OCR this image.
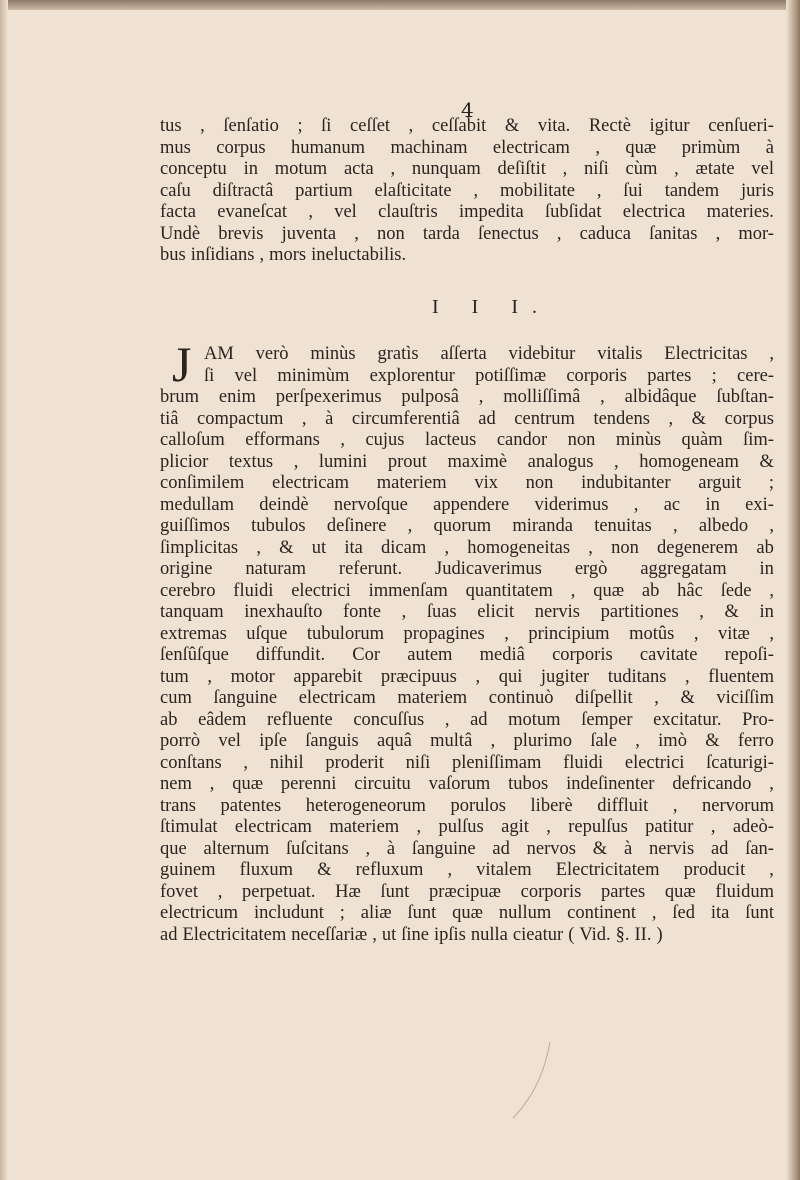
4
tus , ſenſatio ; ſi ceſſet , ceſſabit & vita. Rectè igitur cenſueri-
mus corpus humanum machinam electricam , quæ primùm à
conceptu in motum acta , nunquam deſiſtit , niſi cùm , ætate vel
caſu diſtractâ partium elaſticitate , mobilitate , ſui tandem juris
facta evaneſcat , vel clauſtris impedita ſubſidat electrica materies.
Undè brevis juventa , non tarda ſenectus , caduca ſanitas , mor-
bus inſidians , mors ineluctabilis.
I I I.
J AM verò minùs gratìs aſſerta videbitur vitalis Electricitas ,
ſi vel minimùm explorentur potiſſimæ corporis partes ; cere-
brum enim perſpexerimus pulposâ , molliſſimâ , albidâque ſubſtan-
tiâ compactum , à circumferentiâ ad centrum tendens , & corpus
calloſum efformans , cujus lacteus candor non minùs quàm ſim-
plicior textus , lumini prout maximè analogus , homogeneam &
conſimilem electricam materiem vix non indubitanter arguit ;
medullam deindè nervoſque appendere viderimus , ac in exi-
guiſſimos tubulos deſinere , quorum miranda tenuitas , albedo ,
ſimplicitas , & ut ita dicam , homogeneitas , non degenerem ab
origine naturam referunt. Judicaverimus ergò aggregatam in
cerebro fluidi electrici immenſam quantitatem , quæ ab hâc ſede ,
tanquam inexhauſto fonte , ſuas elicit nervis partitiones , & in
extremas uſque tubulorum propagines , principium motûs , vitæ ,
ſenſûſque diffundit. Cor autem mediâ corporis cavitate repoſi-
tum , motor apparebit præcipuus , qui jugiter tuditans , fluentem
cum ſanguine electricam materiem continuò diſpellit , & viciſſim
ab eâdem refluente concuſſus , ad motum ſemper excitatur. Pro-
porrò vel ipſe ſanguis aquâ multâ , plurimo ſale , imò & ferro
conſtans , nihil proderit niſi pleniſſimam fluidi electrici ſcaturigi-
nem , quæ perenni circuitu vaſorum tubos indeſinenter defricando ,
trans patentes heterogeneorum porulos liberè diffluit , nervorum
ſtimulat electricam materiem , pulſus agit , repulſus patitur , adeò-
que alternum ſuſcitans , à ſanguine ad nervos & à nervis ad ſan-
guinem fluxum & refluxum , vitalem Electricitatem producit ,
fovet , perpetuat. Hæ ſunt præcipuæ corporis partes quæ fluidum
electricum includunt ; aliæ ſunt quæ nullum continent , ſed ita ſunt
ad Electricitatem neceſſariæ , ut ſine ipſis nulla cieatur ( Vid. §. II. )
